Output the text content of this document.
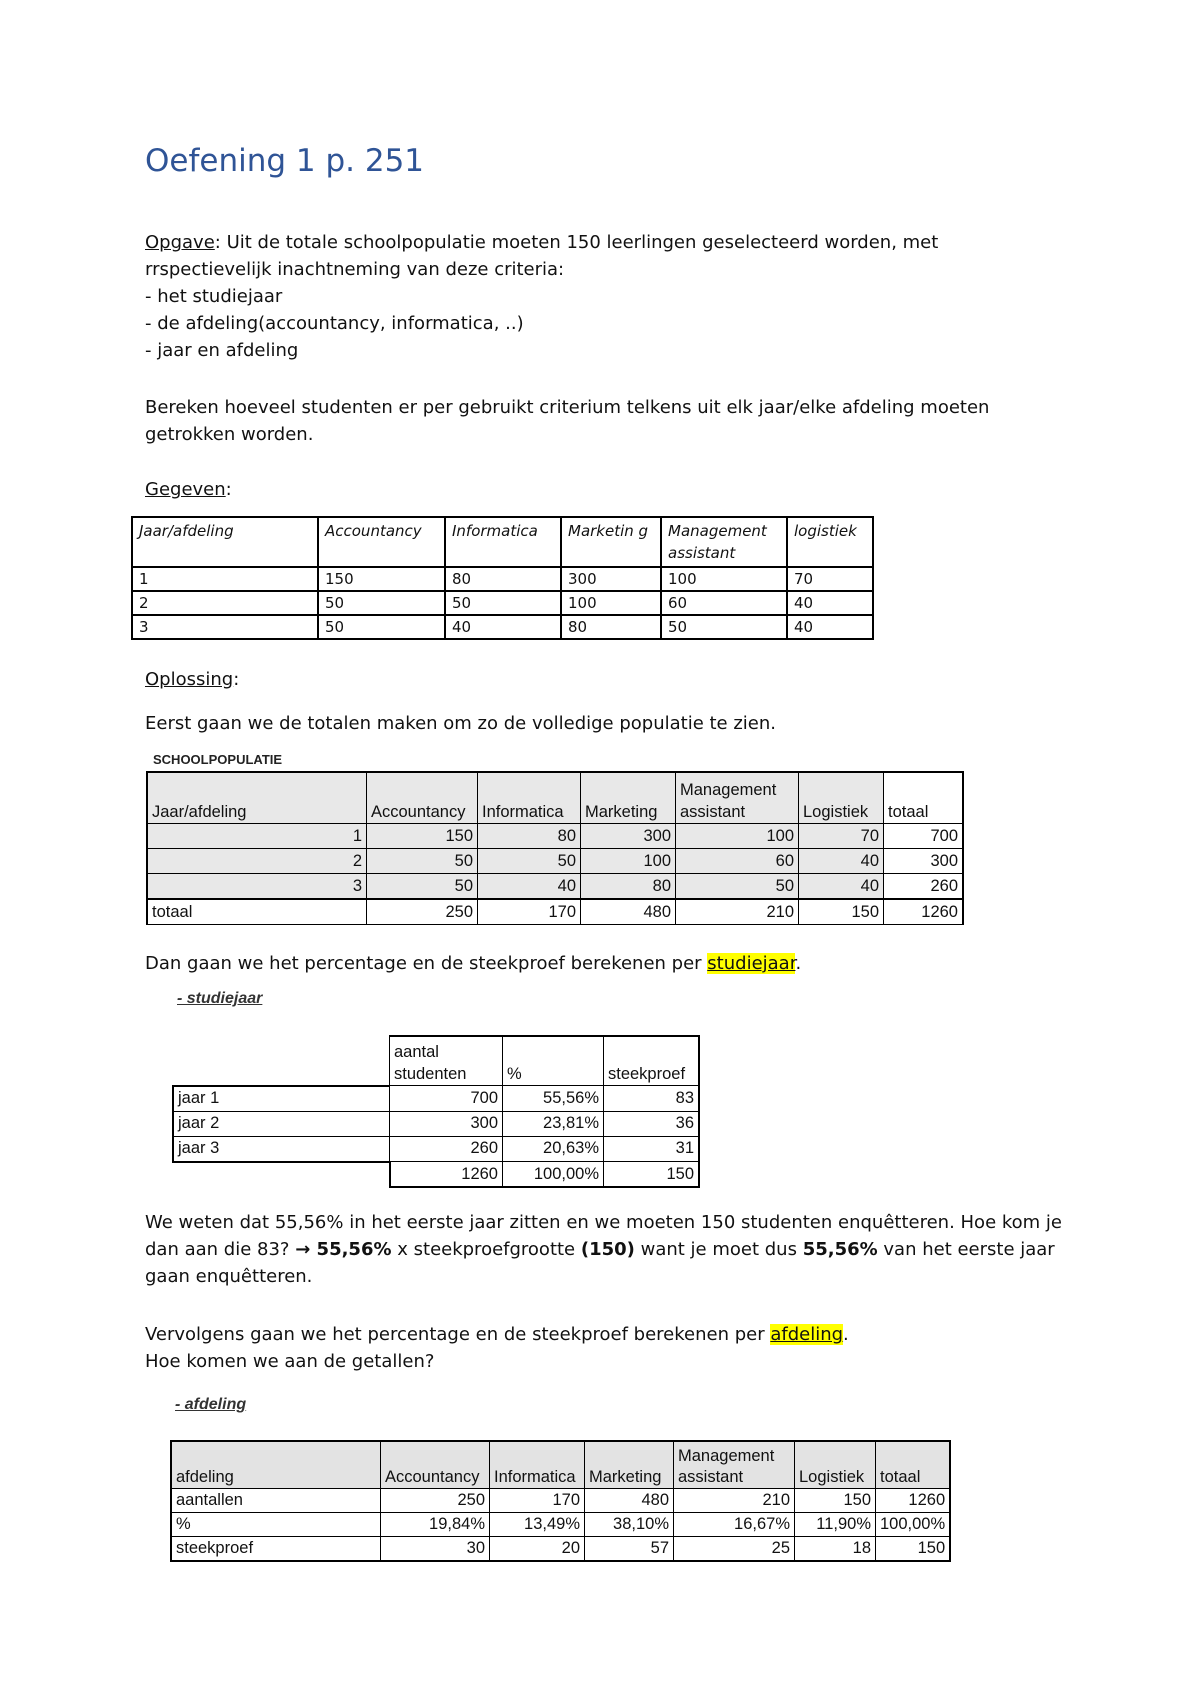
Oefening 1 p. 251
Opgave: Uit de totale schoolpopulatie moeten 150 leerlingen geselecteerd worden, met
rrspectievelijk inachtneming van deze criteria:
- het studiejaar
- de afdeling(accountancy, informatica, ..)
- jaar en afdeling
Bereken hoeveel studenten er per gebruikt criterium telkens uit elk jaar/elke afdeling moeten
getrokken worden.
Gegeven:
Jaar/afdeling	Accountancy	Informatica	Marketin g	Management assistant	logistiek
1	150	80	300	100	70
2	50	50	100	60	40
3	50	40	80	50	40
Oplossing:
Eerst gaan we de totalen maken om zo de volledige populatie te zien.
SCHOOLPOPULATIE
Jaar/afdeling	Accountancy	Informatica	Marketing	Management assistant	Logistiek	totaal
1	150	80	300	100	70	700
2	50	50	100	60	40	300
3	50	40	80	50	40	260
totaal	250	170	480	210	150	1260
Dan gaan we het percentage en de steekproef berekenen per studiejaar.
- studiejaar
	aantal studenten	%	steekproef
jaar 1	700	55,56%	83
jaar 2	300	23,81%	36
jaar 3	260	20,63%	31
	1260	100,00%	150
We weten dat 55,56% in het eerste jaar zitten en we moeten 150 studenten enquêtteren. Hoe kom je
dan aan die 83? → 55,56% x steekproefgrootte (150) want je moet dus 55,56% van het eerste jaar
gaan enquêtteren.
Vervolgens gaan we het percentage en de steekproef berekenen per afdeling.
Hoe komen we aan de getallen?
- afdeling
afdeling	Accountancy	Informatica	Marketing	Management assistant	Logistiek	totaal
aantallen	250	170	480	210	150	1260
%	19,84%	13,49%	38,10%	16,67%	11,90%	100,00%
steekproef	30	20	57	25	18	150
